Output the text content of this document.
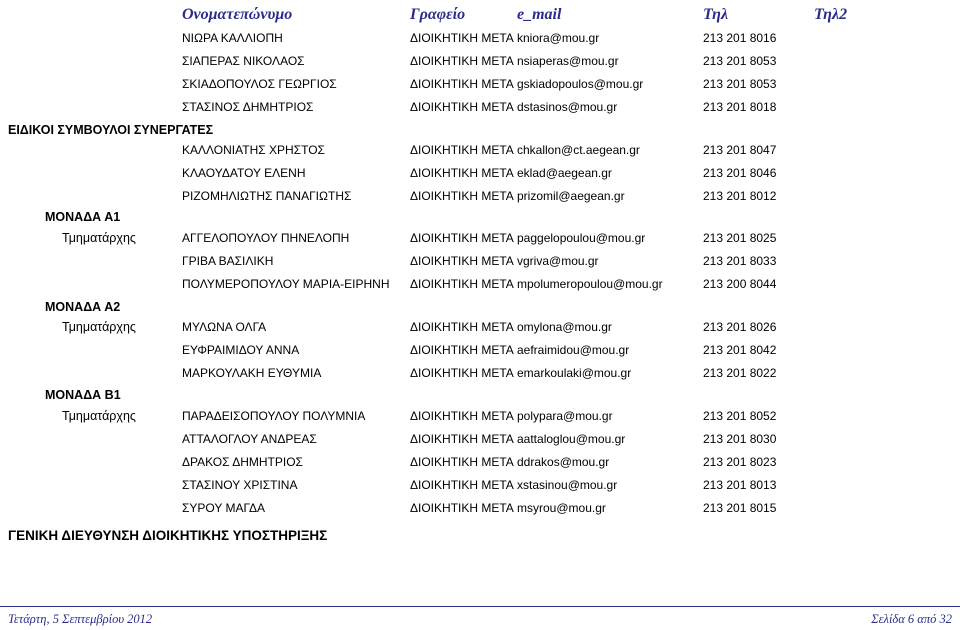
Ονοματεπώνυμο	Γραφείο	e_mail	Τηλ	Τηλ2
ΕΙΔΙΚΟΙ ΣΥΜΒΟΥΛΟΙ ΣΥΝΕΡΓΑΤΕΣ
ΜΟΝΑΔΑ Α1
ΜΟΝΑΔΑ Α2
ΜΟΝΑΔΑ Β1
ΓΕΝΙΚΗ ΔΙΕΥΘΥΝΣΗ ΔΙΟΙΚΗΤΙΚΗΣ ΥΠΟΣΤΗΡΙΞΗΣ
ΝΙΩΡΑ ΚΑΛΛΙΟΠΗ	ΔΙΟΙΚΗΤΙΚΗ ΜΕΤΑ kniora@mou.gr	213 201 8016
ΣΙΑΠΕΡΑΣ ΝΙΚΟΛΑΟΣ	ΔΙΟΙΚΗΤΙΚΗ ΜΕΤΑ nsiaperas@mou.gr	213 201 8053
ΣΚΙΑΔΟΠΟΥΛΟΣ ΓΕΩΡΓΙΟΣ	ΔΙΟΙΚΗΤΙΚΗ ΜΕΤΑ gskiadopoulos@mou.gr	213 201 8053
ΣΤΑΣΙΝΟΣ ΔΗΜΗΤΡΙΟΣ	ΔΙΟΙΚΗΤΙΚΗ ΜΕΤΑ dstasinos@mou.gr	213 201 8018
ΚΑΛΛΟΝΙΑΤΗΣ ΧΡΗΣΤΟΣ	ΔΙΟΙΚΗΤΙΚΗ ΜΕΤΑ chkallon@ct.aegean.gr	213 201 8047
ΚΛΑΟΥΔΑΤΟΥ ΕΛΕΝΗ	ΔΙΟΙΚΗΤΙΚΗ ΜΕΤΑ eklad@aegean.gr	213 201 8046
ΡΙΖΟΜΗΛΙΩΤΗΣ ΠΑΝΑΓΙΩΤΗΣ	ΔΙΟΙΚΗΤΙΚΗ ΜΕΤΑ prizomil@aegean.gr	213 201 8012
Τμηματάρχης	ΑΓΓΕΛΟΠΟΥΛΟΥ ΠΗΝΕΛΟΠΗ	ΔΙΟΙΚΗΤΙΚΗ ΜΕΤΑ paggelopoulou@mou.gr	213 201 8025
ΓΡΙΒΑ ΒΑΣΙΛΙΚΗ	ΔΙΟΙΚΗΤΙΚΗ ΜΕΤΑ vgriva@mou.gr	213 201 8033
ΠΟΛΥΜΕΡΟΠΟΥΛΟΥ ΜΑΡΙΑ-ΕΙΡΗΝΗ ΔΙΟΙΚΗΤΙΚΗ ΜΕΤΑ mpolumeropoulou@mou.gr	213 200 8044
Τμηματάρχης	ΜΥΛΩΝΑ ΟΛΓΑ	ΔΙΟΙΚΗΤΙΚΗ ΜΕΤΑ omylona@mou.gr	213 201 8026
ΕΥΦΡΑΙΜΙΔΟΥ ΑΝΝΑ	ΔΙΟΙΚΗΤΙΚΗ ΜΕΤΑ aefraimidou@mou.gr	213 201 8042
ΜΑΡΚΟΥΛΑΚΗ ΕΥΘΥΜΙΑ	ΔΙΟΙΚΗΤΙΚΗ ΜΕΤΑ emarkoulaki@mou.gr	213 201 8022
Τμηματάρχης	ΠΑΡΑΔΕΙΣΟΠΟΥΛΟΥ ΠΟΛΥΜΝΙΑ	ΔΙΟΙΚΗΤΙΚΗ ΜΕΤΑ polypara@mou.gr	213 201 8052
ΑΤΤΑΛΟΓΛΟΥ ΑΝΔΡΕΑΣ	ΔΙΟΙΚΗΤΙΚΗ ΜΕΤΑ aattaloglou@mou.gr	213 201 8030
ΔΡΑΚΟΣ ΔΗΜΗΤΡΙΟΣ	ΔΙΟΙΚΗΤΙΚΗ ΜΕΤΑ ddrakos@mou.gr	213 201 8023
ΣΤΑΣΙΝΟΥ ΧΡΙΣΤΙΝΑ	ΔΙΟΙΚΗΤΙΚΗ ΜΕΤΑ xstasinou@mou.gr	213 201 8013
ΣΥΡΟΥ ΜΑΓΔΑ	ΔΙΟΙΚΗΤΙΚΗ ΜΕΤΑ msyrou@mou.gr	213 201 8015
Τετάρτη, 5 Σεπτεμβρίου 2012	Σελίδα 6 από 32
